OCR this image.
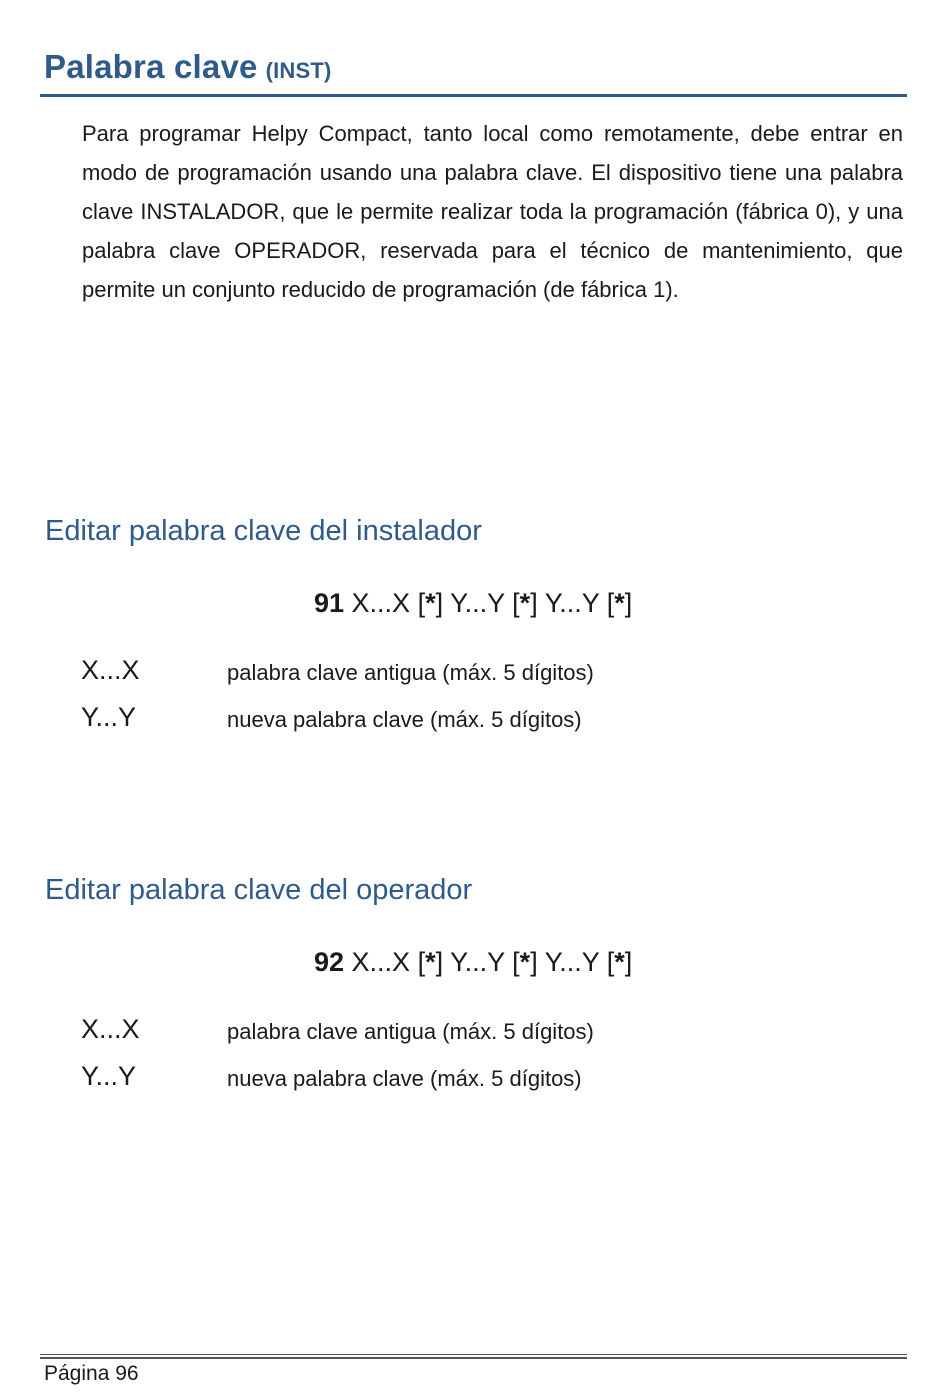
Palabra clave (INST)

Para programar Helpy Compact, tanto local como remotamente, debe entrar en modo de programación usando una palabra clave. El dispositivo tiene una palabra clave INSTALADOR, que le permite realizar toda la programación (fábrica 0), y una palabra clave OPERADOR, reservada para el técnico de mantenimiento, que permite un conjunto reducido de programación (de fábrica 1).

Editar palabra clave del instalador
91 X...X [*] Y...Y [*] Y...Y [*]
X...X	palabra clave antigua (máx. 5 dígitos)
Y...Y	nueva palabra clave (máx. 5 dígitos)
Editar palabra clave del operador
92 X...X [*] Y...Y [*] Y...Y [*]
X...X	palabra clave antigua (máx. 5 dígitos)
Y...Y	nueva palabra clave (máx. 5 dígitos)
Página 96
